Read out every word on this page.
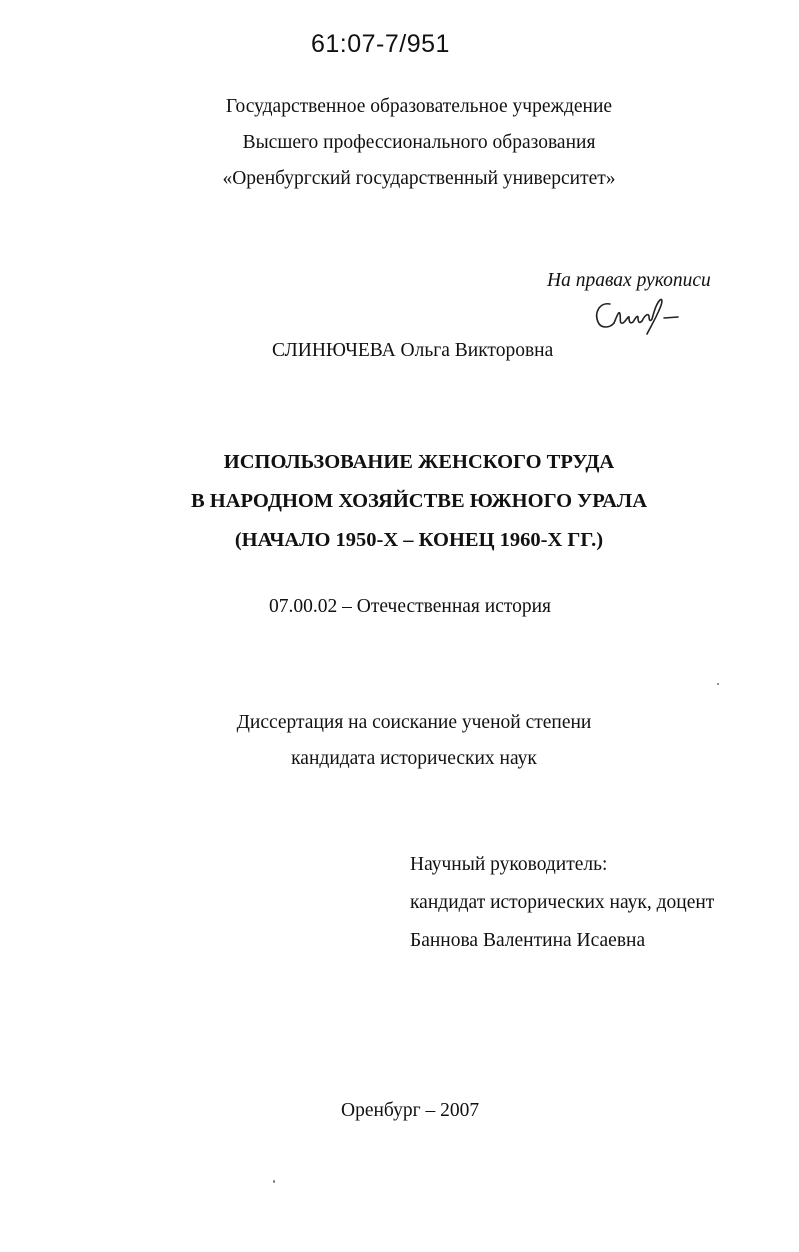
61:07-7/951
Государственное образовательное учреждение
Высшего профессионального образования
«Оренбургский государственный университет»
На правах рукописи
СЛИНЮЧЕВА Ольга Викторовна
ИСПОЛЬЗОВАНИЕ ЖЕНСКОГО ТРУДА
В НАРОДНОМ ХОЗЯЙСТВЕ ЮЖНОГО УРАЛА
(НАЧАЛО 1950-Х – КОНЕЦ 1960-Х ГГ.)
07.00.02 – Отечественная история
Диссертация на соискание ученой степени
кандидата исторических наук
Научный руководитель:
кандидат исторических наук, доцент
Баннова Валентина Исаевна
Оренбург – 2007
